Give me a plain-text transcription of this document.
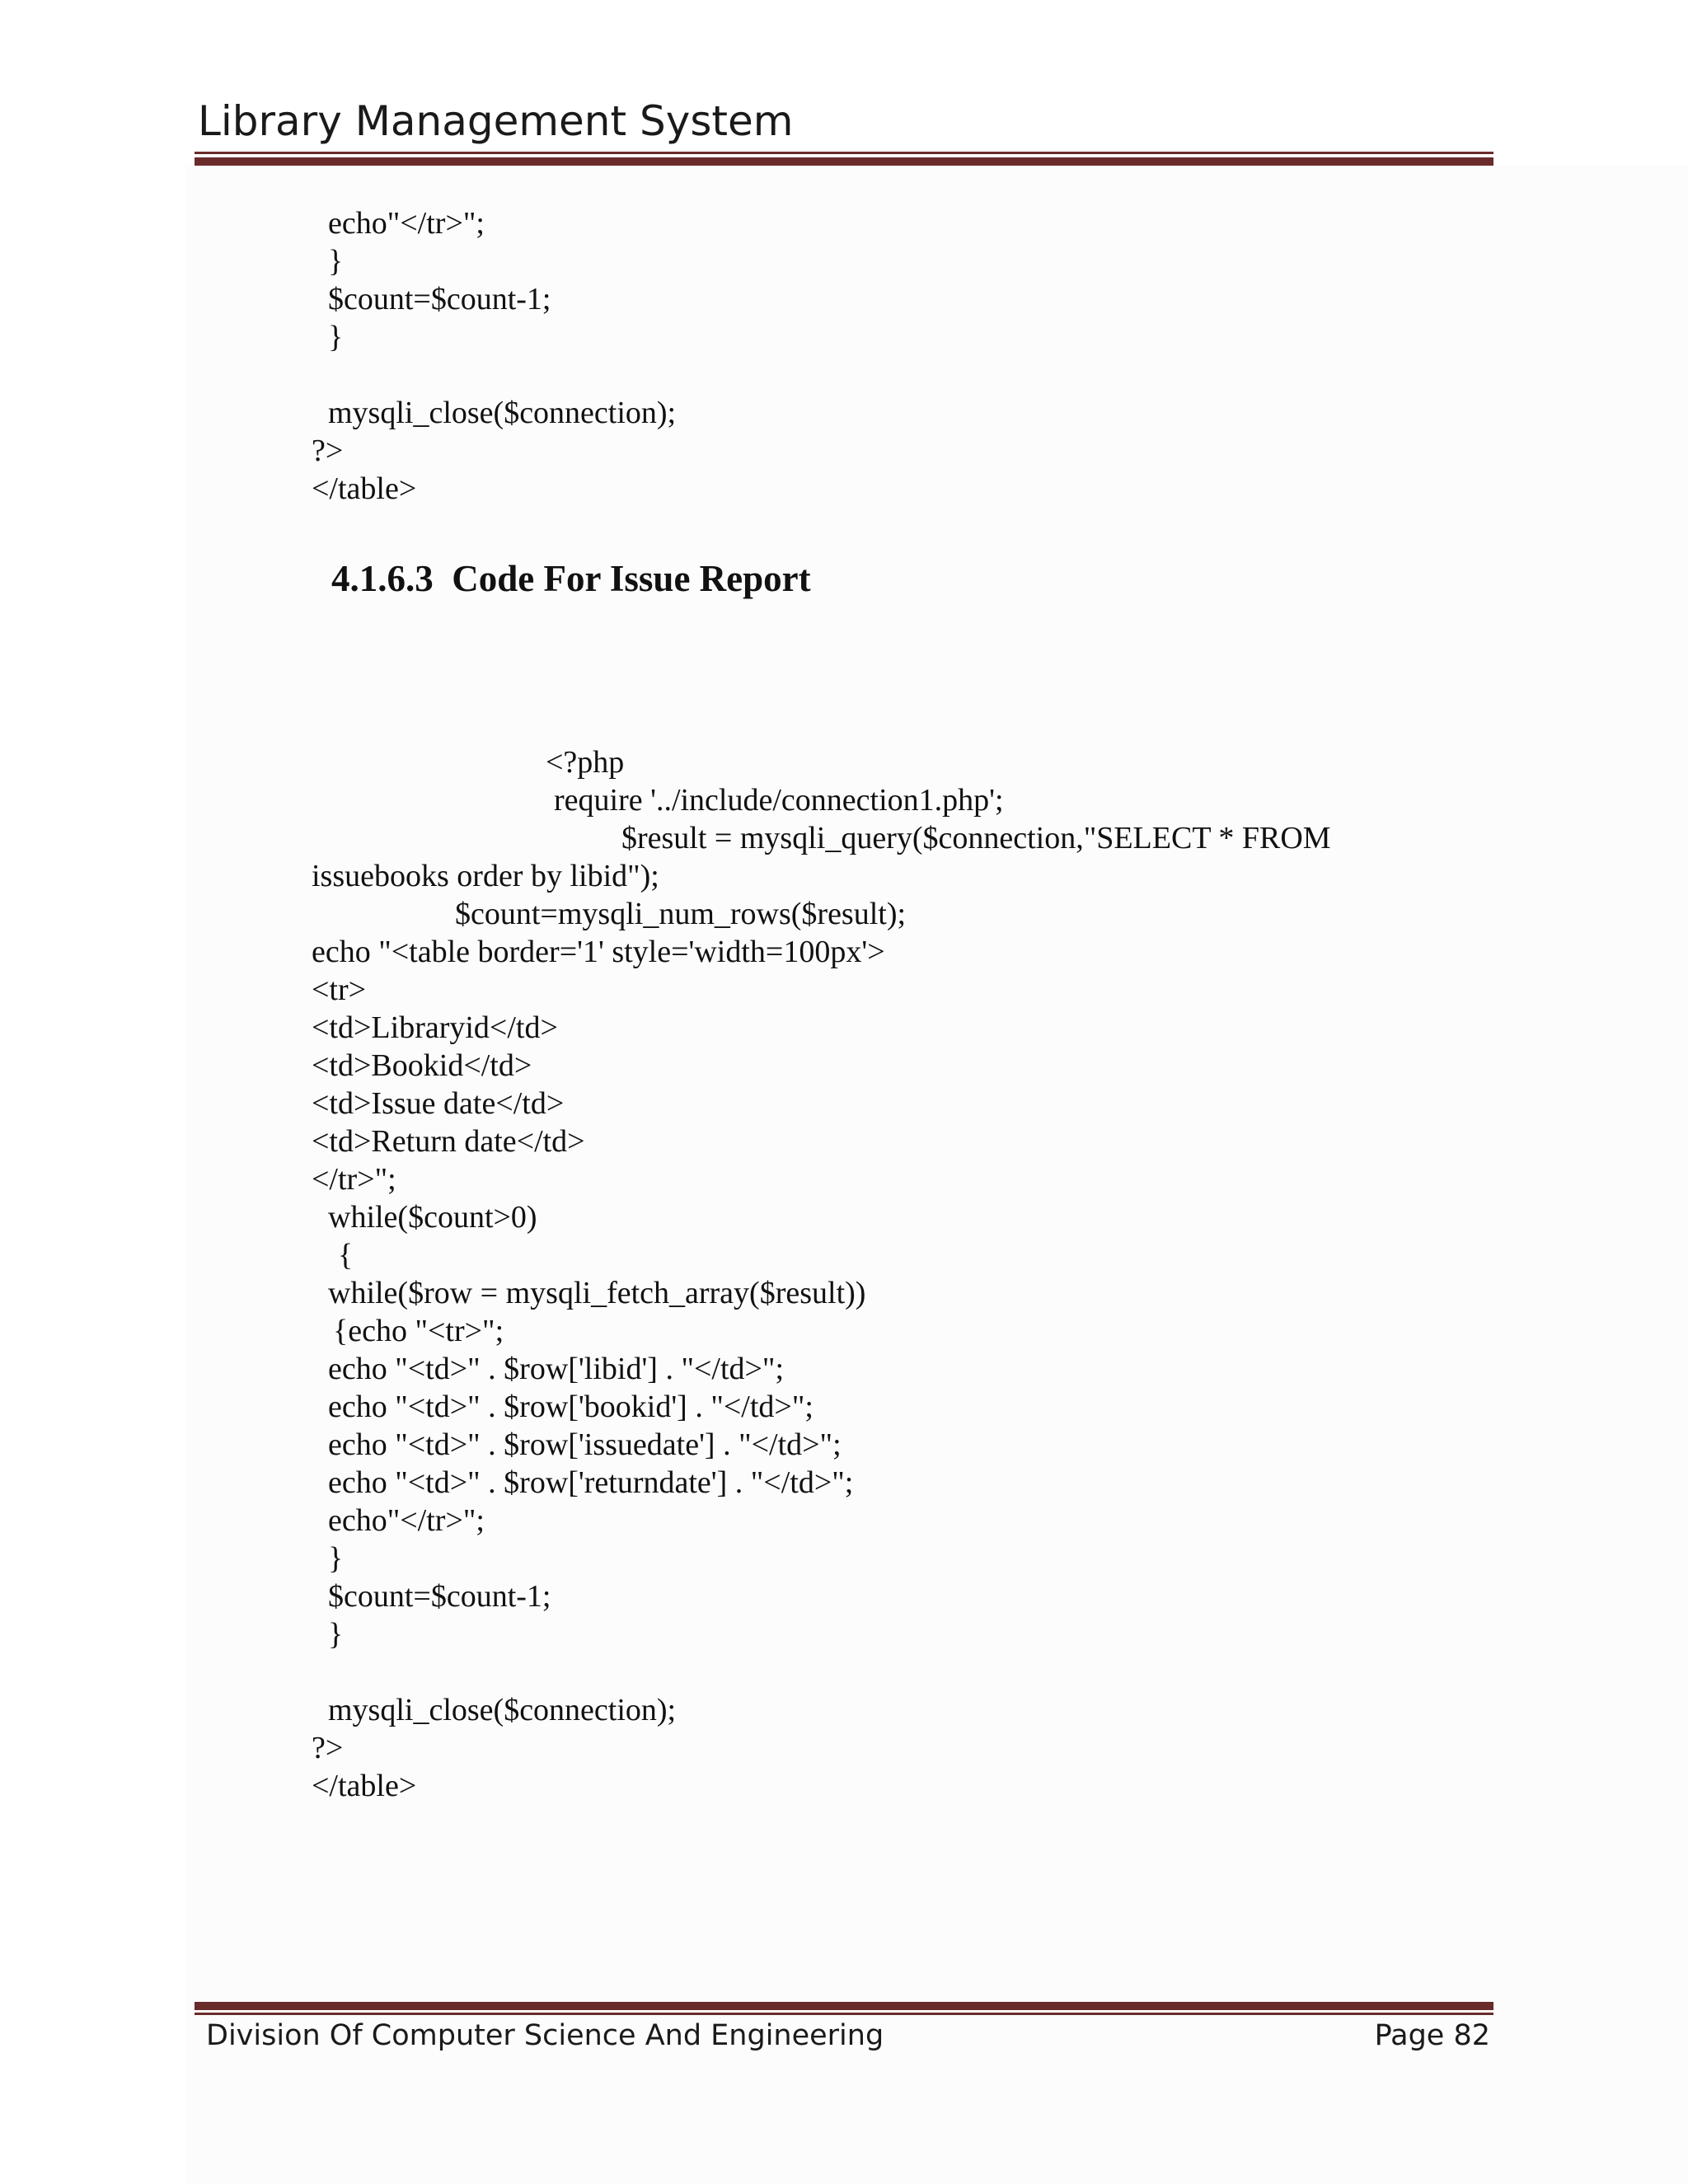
Library Management System
echo"</tr>";
}
$count=$count-1;
}
mysqli_close($connection);
?>
</table>
4.1.6.3 Code For Issue Report
<?php
require '../include/connection1.php';
$result = mysqli_query($connection,"SELECT * FROM
issuebooks order by libid");
$count=mysqli_num_rows($result);
echo "<table border='1' style='width=100px'>
<tr>
<td>Libraryid</td>
<td>Bookid</td>
<td>Issue date</td>
<td>Return date</td>
</tr>";
while($count>0)
{
while($row = mysqli_fetch_array($result))
{echo "<tr>";
echo "<td>" . $row['libid'] . "</td>";
echo "<td>" . $row['bookid'] . "</td>";
echo "<td>" . $row['issuedate'] . "</td>";
echo "<td>" . $row['returndate'] . "</td>";
echo"</tr>";
}
$count=$count-1;
}
mysqli_close($connection);
?>
</table>
Division Of Computer Science And Engineering	Page 82
